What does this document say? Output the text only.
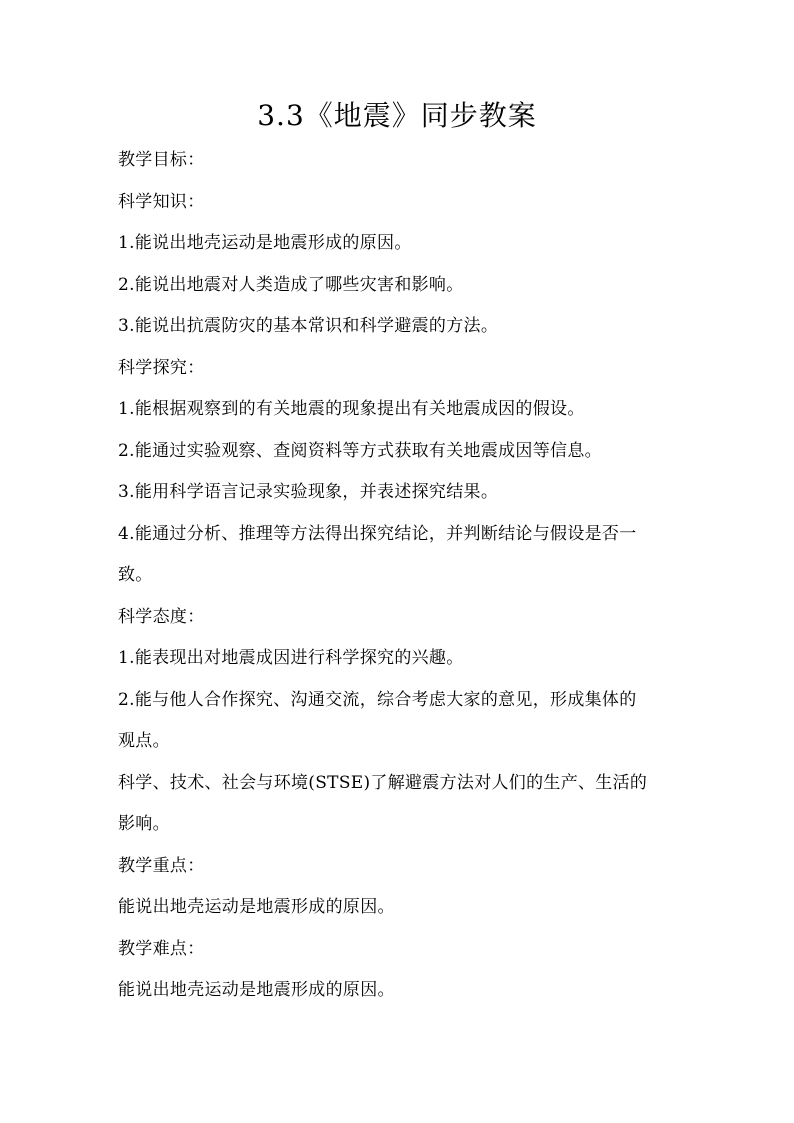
3.3《地震》同步教案
教学目标：
科学知识：
1.能说出地壳运动是地震形成的原因。
2.能说出地震对人类造成了哪些灾害和影响。
3.能说出抗震防灾的基本常识和科学避震的方法。
科学探究：
1.能根据观察到的有关地震的现象提出有关地震成因的假设。
2.能通过实验观察、查阅资料等方式获取有关地震成因等信息。
3.能用科学语言记录实验现象，并表述探究结果。
4.能通过分析、推理等方法得出探究结论，并判断结论与假设是否一
致。
科学态度：
1.能表现出对地震成因进行科学探究的兴趣。
2.能与他人合作探究、沟通交流，综合考虑大家的意见，形成集体的
观点。
科学、技术、社会与环境(STSE)了解避震方法对人们的生产、生活的
影响。
教学重点：
能说出地壳运动是地震形成的原因。
教学难点：
能说出地壳运动是地震形成的原因。
